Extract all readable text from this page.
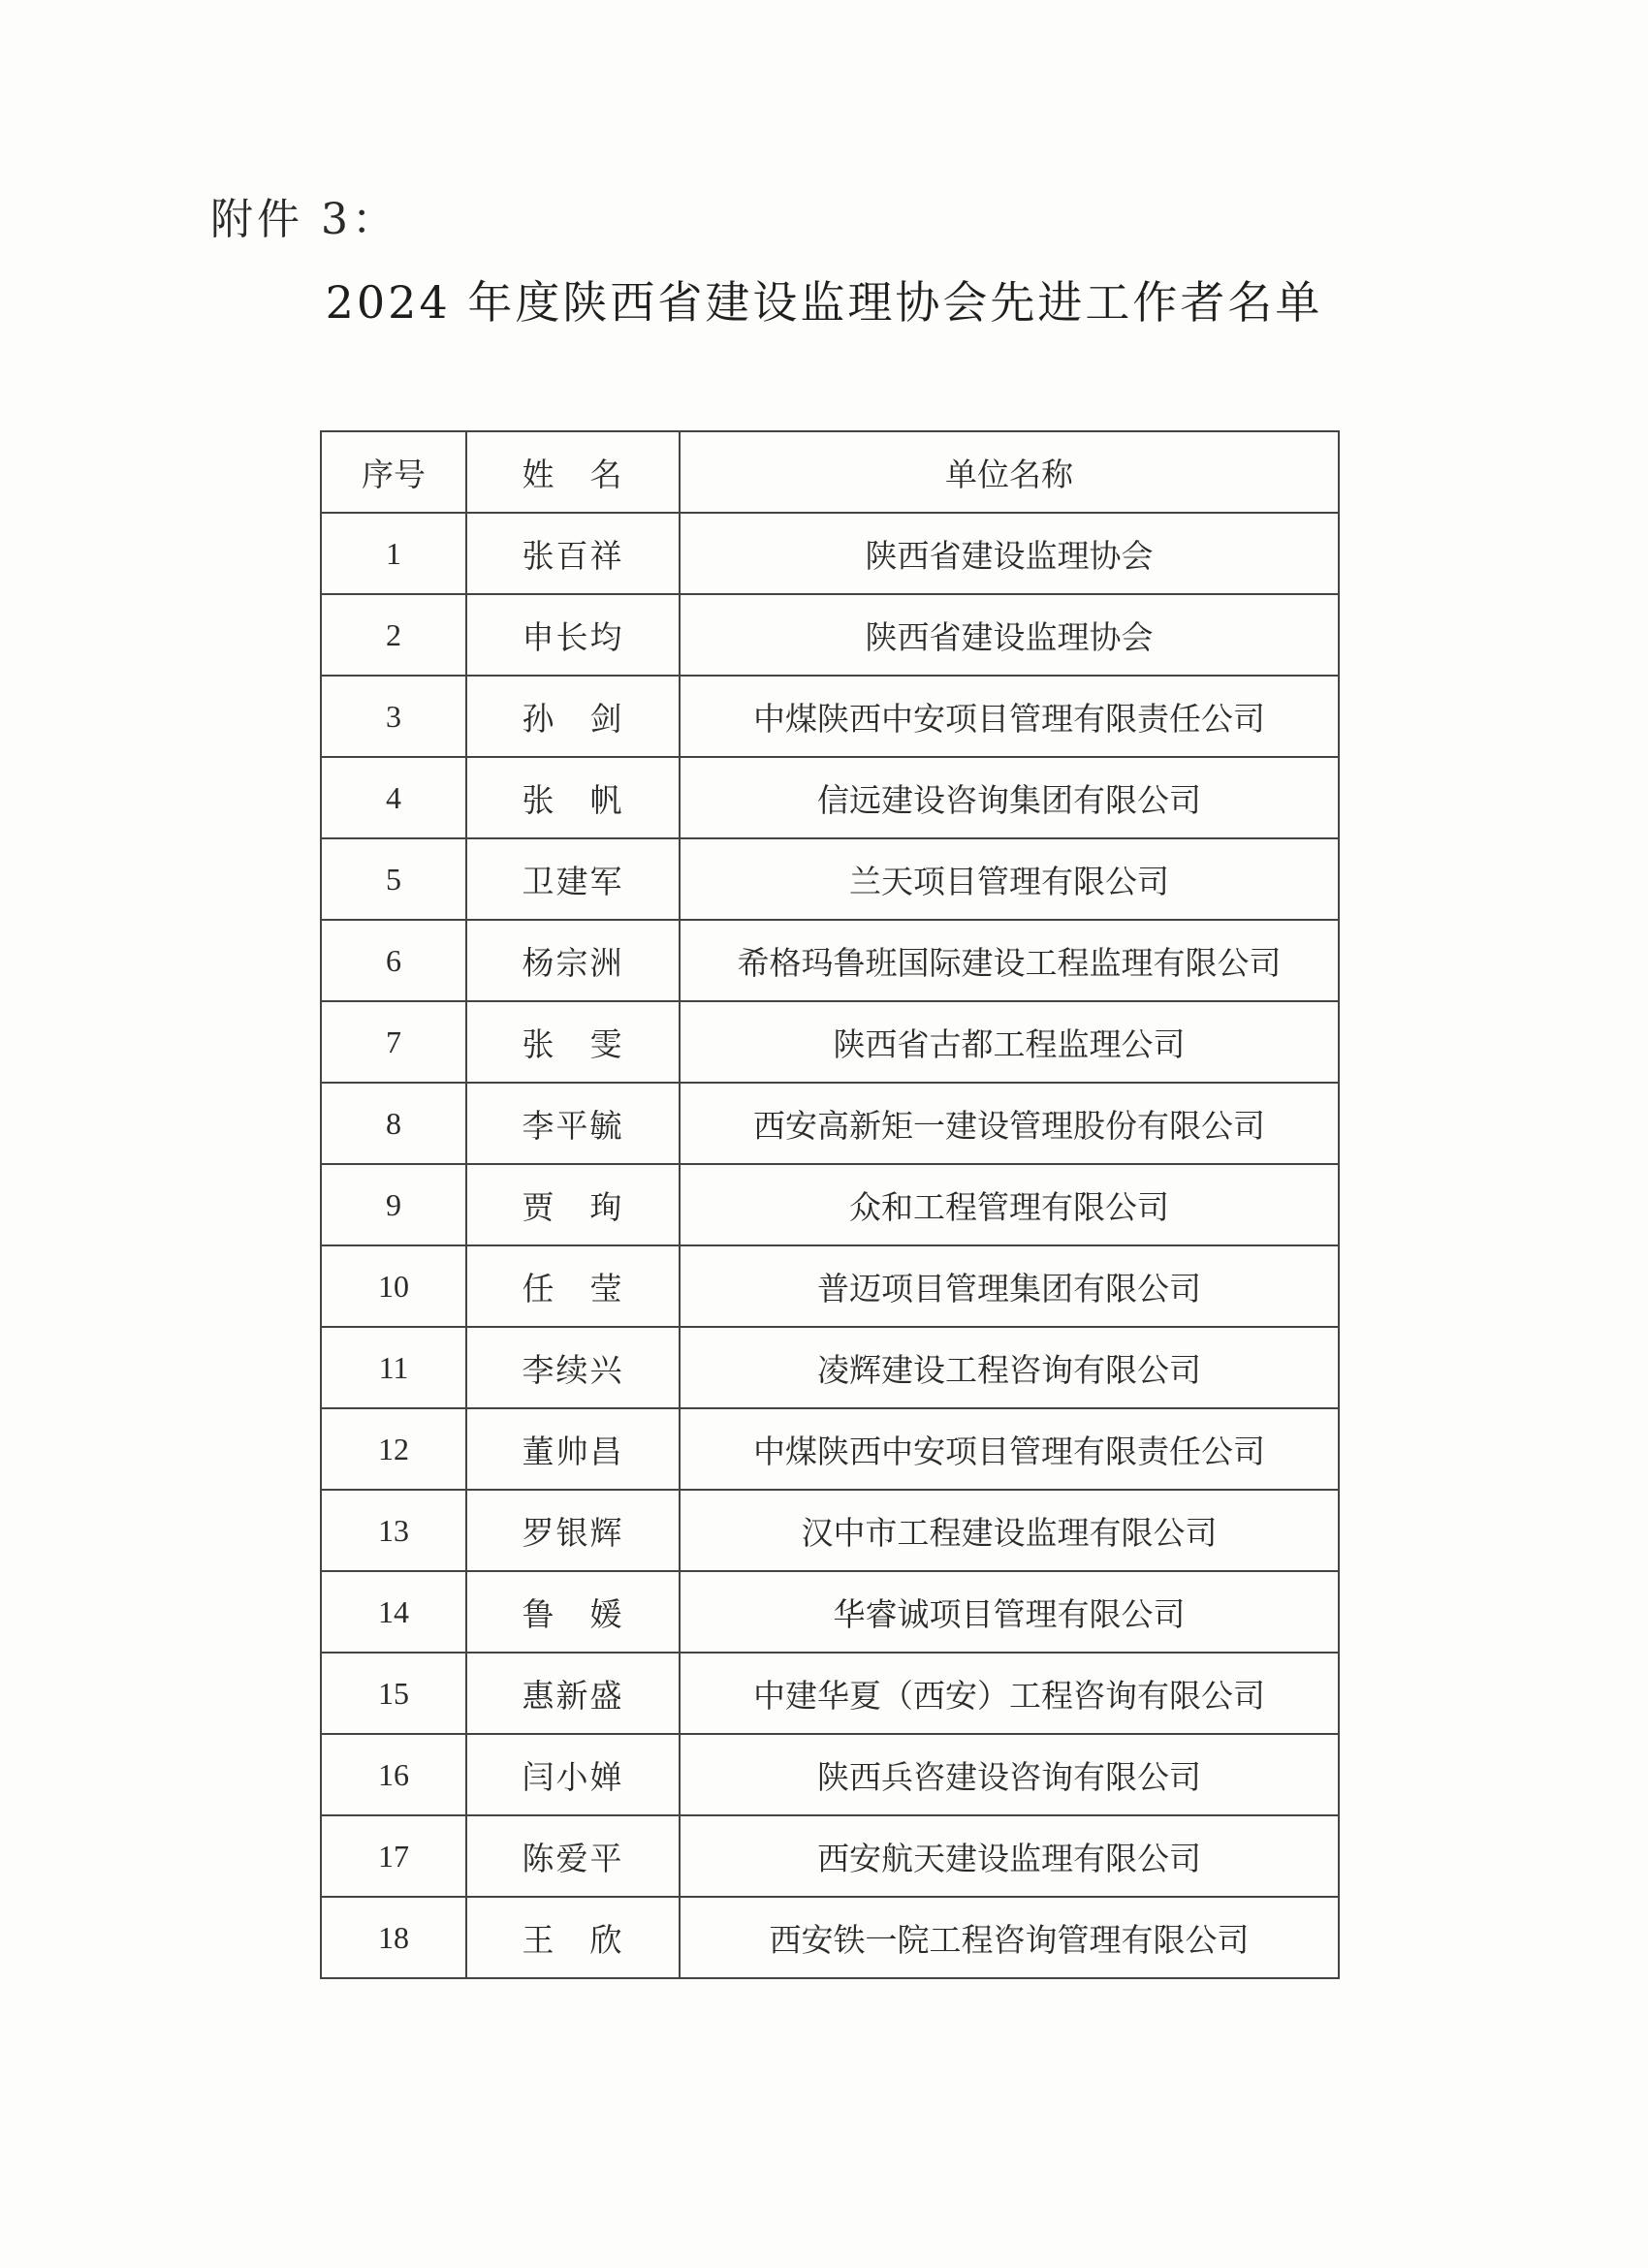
附件 3：
2024 年度陕西省建设监理协会先进工作者名单
序号	姓　名	单位名称
1	张百祥	陕西省建设监理协会
2	申长均	陕西省建设监理协会
3	孙　剑	中煤陕西中安项目管理有限责任公司
4	张　帆	信远建设咨询集团有限公司
5	卫建军	兰天项目管理有限公司
6	杨宗洲	希格玛鲁班国际建设工程监理有限公司
7	张　雯	陕西省古都工程监理公司
8	李平毓	西安高新矩一建设管理股份有限公司
9	贾　珣	众和工程管理有限公司
10	任　莹	普迈项目管理集团有限公司
11	李续兴	凌辉建设工程咨询有限公司
12	董帅昌	中煤陕西中安项目管理有限责任公司
13	罗银辉	汉中市工程建设监理有限公司
14	鲁　媛	华睿诚项目管理有限公司
15	惠新盛	中建华夏（西安）工程咨询有限公司
16	闫小婵	陕西兵咨建设咨询有限公司
17	陈爱平	西安航天建设监理有限公司
18	王　欣	西安铁一院工程咨询管理有限公司
